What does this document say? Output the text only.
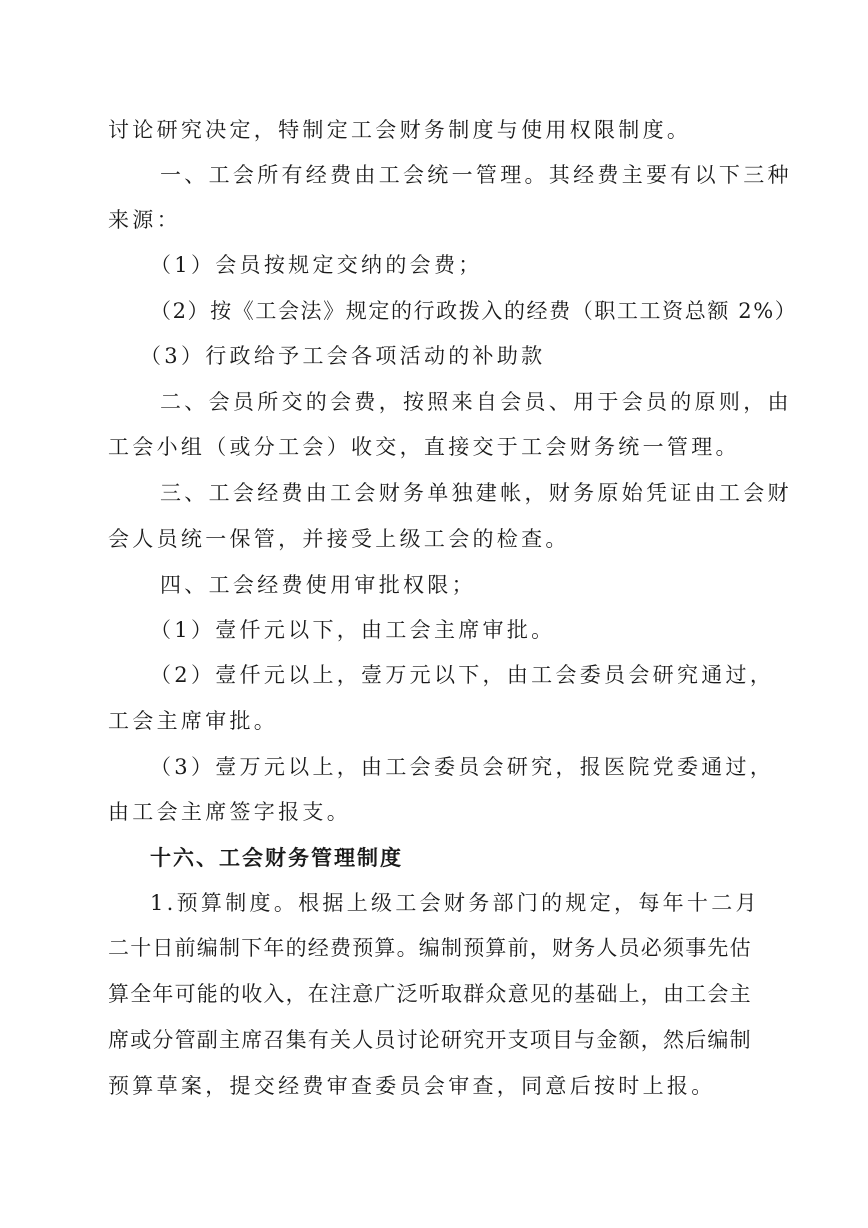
讨论研究决定，特制定工会财务制度与使用权限制度。
一、工会所有经费由工会统一管理。其经费主要有以下三种
来源：
（1）会员按规定交纳的会费；
（2）按《工会法》规定的行政拨入的经费（职工工资总额 2%）
（3）行政给予工会各项活动的补助款
二、会员所交的会费，按照来自会员、用于会员的原则，由
工会小组（或分工会）收交，直接交于工会财务统一管理。
三、工会经费由工会财务单独建帐，财务原始凭证由工会财
会人员统一保管，并接受上级工会的检查。
四、工会经费使用审批权限；
（1）壹仟元以下，由工会主席审批。
（2）壹仟元以上，壹万元以下，由工会委员会研究通过，
工会主席审批。
（3）壹万元以上，由工会委员会研究，报医院党委通过，
由工会主席签字报支。
十六、工会财务管理制度
1.预算制度。根据上级工会财务部门的规定，每年十二月
二十日前编制下年的经费预算。编制预算前，财务人员必须事先估
算全年可能的收入，在注意广泛听取群众意见的基础上，由工会主
席或分管副主席召集有关人员讨论研究开支项目与金额，然后编制
预算草案，提交经费审查委员会审查，同意后按时上报。
